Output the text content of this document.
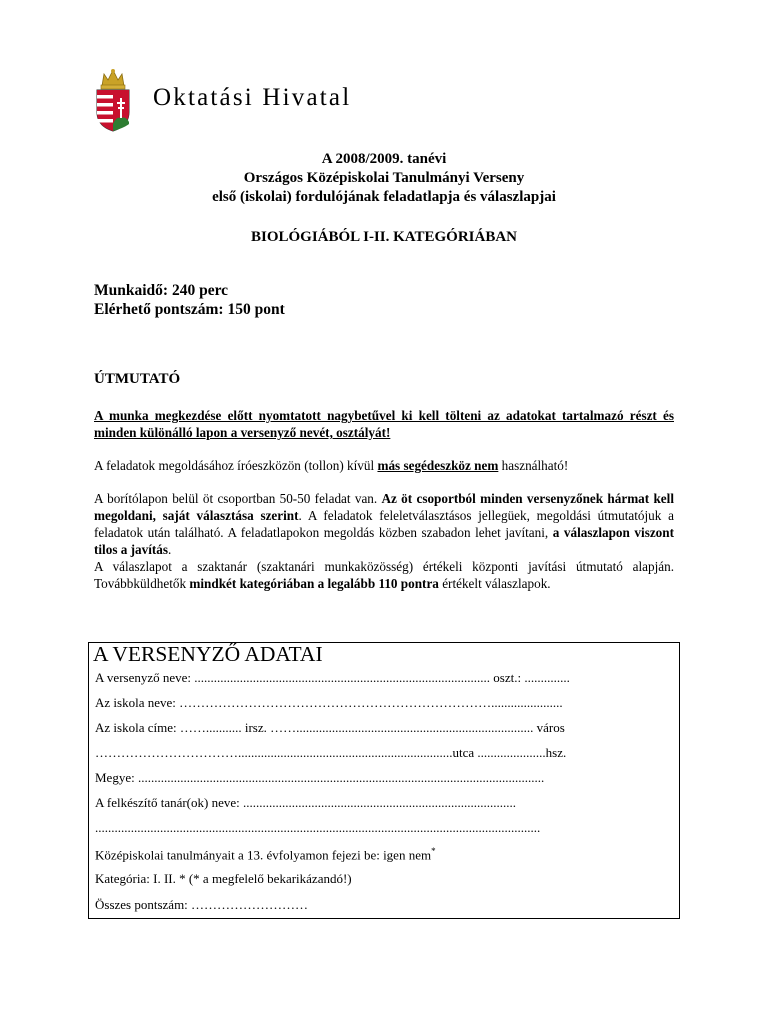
Oktatási Hivatal
A 2008/2009. tanévi
Országos Középiskolai Tanulmányi Verseny
első (iskolai) fordulójának feladatlapja és válaszlapjai
BIOLÓGIÁBÓL I-II. KATEGÓRIÁBAN
Munkaidő: 240 perc
Elérhető pontszám: 150 pont
ÚTMUTATÓ
A munka megkezdése előtt nyomtatott nagybetűvel ki kell tölteni az adatokat tartalmazó részt és minden különálló lapon a versenyző nevét, osztályát!

A feladatok megoldásához íróeszközön (tollon) kívül más segédeszköz nem használható!

A borítólapon belül öt csoportban 50-50 feladat van. Az öt csoportból minden versenyzőnek hármat kell megoldani, saját választása szerint. A feladatok feleletválasztásos jellegüek, megoldási útmutatójuk a feladatok után található. A feladatlapokon megoldás közben szabadon lehet javítani, a válaszlapon viszont tilos a javítás.

A válaszlapot a szaktanár (szaktanári munkaközösség) értékeli központi javítási útmutató alapján. Továbbküldhetők mindkét kategóriában a legalább 110 pontra értékelt válaszlapok.

A VERSENYZŐ ADATAI
A versenyző neve: ........................................................................................... oszt.: ..............
Az iskola neve: ………………………………………………………………......................
Az iskola címe: ……........... irsz. ……......................................................................... város
……………………………..................................................................utca .....................hsz.
Megye: .............................................................................................................................
A felkészítő tanár(ok) neve: ....................................................................................
.........................................................................................................................................
Középiskolai tanulmányait a 13. évfolyamon fejezi be: igen nem*
Kategória: I. II. * (* a megfelelő bekarikázandó!)
Összes pontszám: ………………………
